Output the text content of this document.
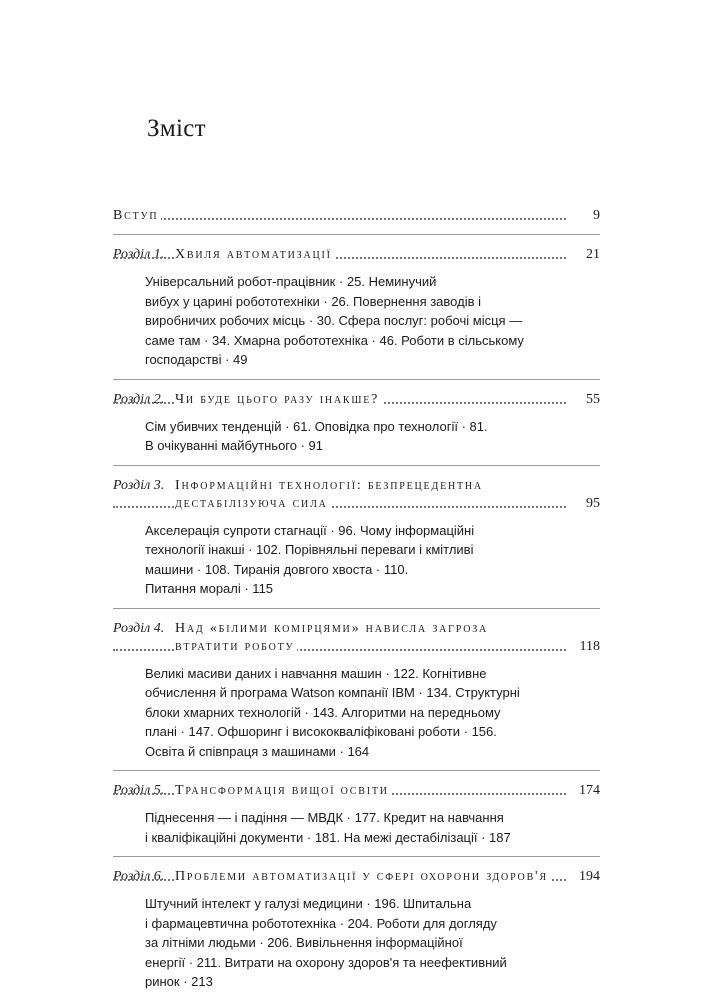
Зміст
Вступ	9
Розділ 1. Хвиля автоматизації	21
Універсальний робот-працівник · 25. Неминучий
вибух у царині робототехніки · 26. Повернення заводів і
виробничих робочих місць · 30. Сфера послуг: робочі місця —
саме там · 34. Хмарна робототехніка · 46. Роботи в сільському
господарстві · 49
Розділ 2. Чи буде цього разу інакше?	55
Сім убивчих тенденцій · 61. Оповідка про технології · 81.
В очікуванні майбутнього · 91
Розділ 3. Інформаційні технології: безпрецедентна
дестабілізуюча сила	95
Акселерація супроти стагнації · 96. Чому інформаційні
технології інакші · 102. Порівняльні переваги і кмітливі
машини · 108. Тиранія довгого хвоста · 110.
Питання моралі · 115
Розділ 4. Над «білими комірцями» нависла загроза
втратити роботу	118
Великі масиви даних і навчання машин · 122. Когнітивне
обчислення й програма Watson компанії IBM · 134. Структурні
блоки хмарних технологій · 143. Алгоритми на передньому
плані · 147. Офшоринг і висококваліфіковані роботи · 156.
Освіта й співпраця з машинами · 164
Розділ 5. Трансформація вищої освіти	174
Піднесення — і падіння — МВДК · 177. Кредит на навчання
і кваліфікаційні документи · 181. На межі дестабілізації · 187
Розділ 6. Проблеми автоматизації у сфері охорони здоров'я	194
Штучний інтелект у галузі медицини · 196. Шпитальна
і фармацевтична робототехніка · 204. Роботи для догляду
за літніми людьми · 206. Вивільнення інформаційної
енергії · 211. Витрати на охорону здоров'я та неефективний
ринок · 213
